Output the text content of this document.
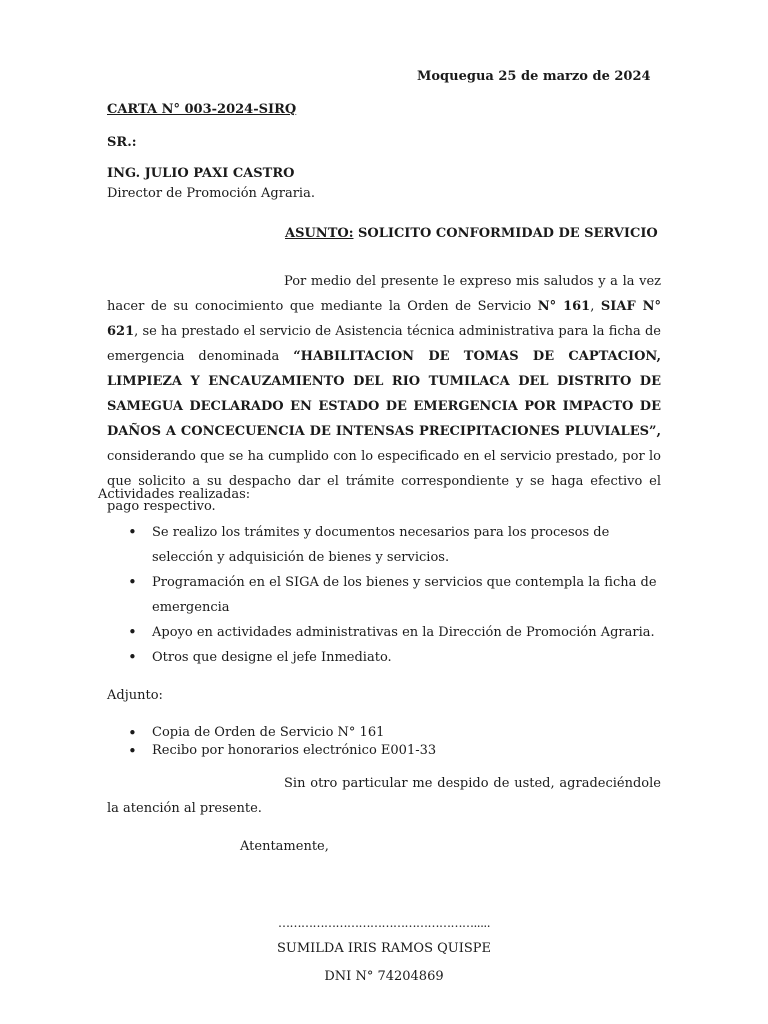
Moquegua 25 de marzo de 2024
CARTA N° 003-2024-SIRQ
SR.:
ING. JULIO PAXI CASTRO
Director de Promoción Agraria.
ASUNTO: SOLICITO CONFORMIDAD DE SERVICIO
Por medio del presente le expreso mis saludos y a la vez hacer de su conocimiento que mediante la Orden de Servicio N° 161, SIAF N° 621, se ha prestado el servicio de Asistencia técnica administrativa para la ficha de emergencia denominada “HABILITACION DE TOMAS DE CAPTACION, LIMPIEZA Y ENCAUZAMIENTO DEL RIO TUMILACA DEL DISTRITO DE SAMEGUA DECLARADO EN ESTADO DE EMERGENCIA POR IMPACTO DE DAÑOS A CONCECUENCIA DE INTENSAS PRECIPITACIONES PLUVIALES”, considerando que se ha cumplido con lo especificado en el servicio prestado, por lo que solicito a su despacho dar el trámite correspondiente y se haga efectivo el pago respectivo.
Actividades realizadas:
• Se realizo los trámites y documentos necesarios para los procesos de selección y adquisición de bienes y servicios.
• Programación en el SIGA de los bienes y servicios que contempla la ficha de emergencia
• Apoyo en actividades administrativas en la Dirección de Promoción Agraria.
• Otros que designe el jefe Inmediato.
Adjunto:
• Copia de Orden de Servicio N° 161
• Recibo por honorarios electrónico E001-33
Sin otro particular me despido de usted, agradeciéndole la atención al presente.
Atentamente,
…………………………………………….....
SUMILDA IRIS RAMOS QUISPE
DNI N° 74204869
